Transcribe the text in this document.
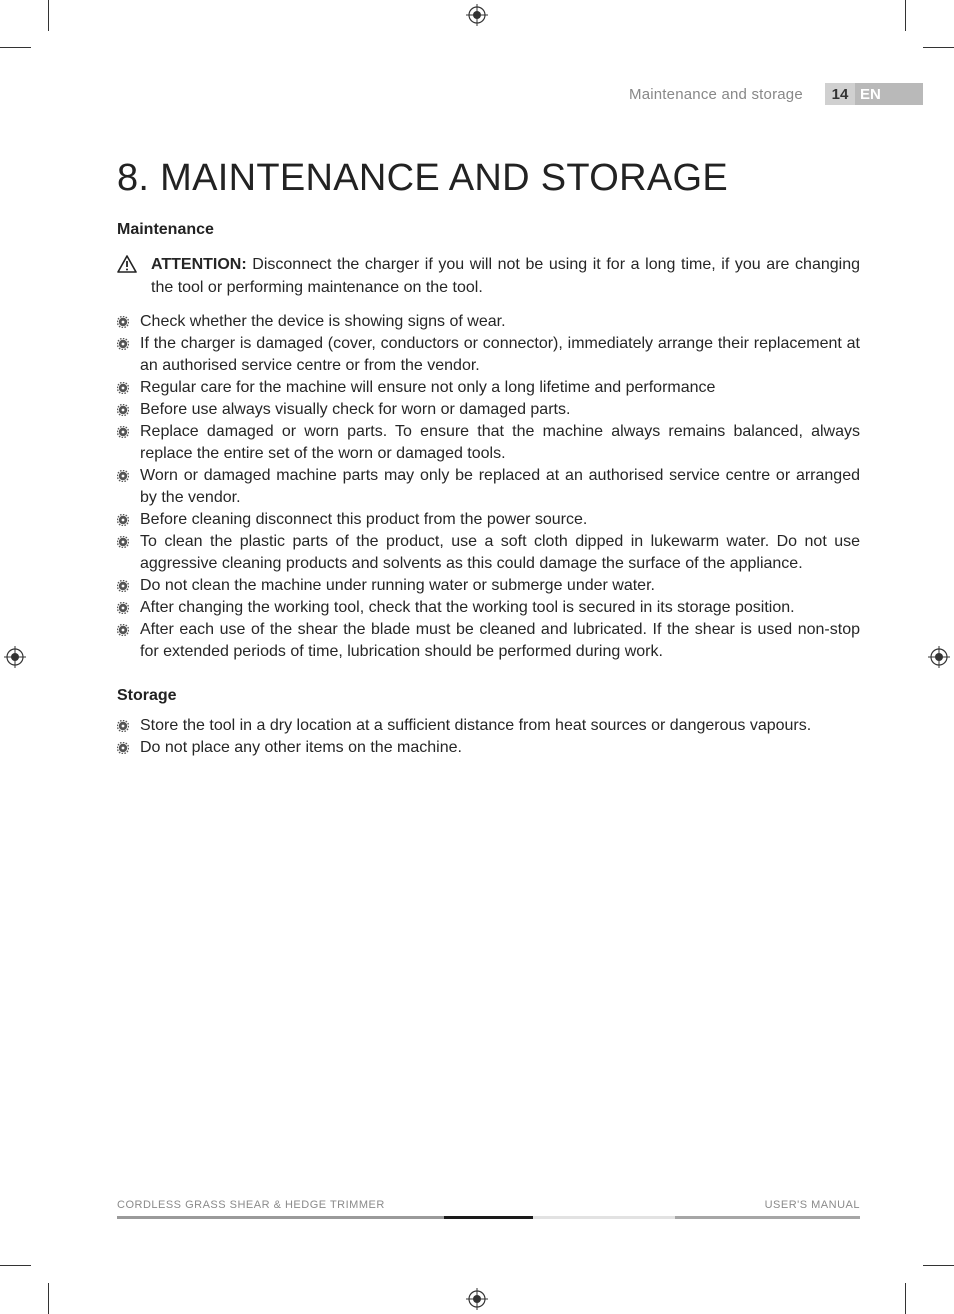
Maintenance and storage	14 EN
8. MAINTENANCE AND STORAGE
Maintenance
ATTENTION: Disconnect the charger if you will not be using it for a long time, if you are changing the tool or performing maintenance on the tool.
Check whether the device is showing signs of wear.
If the charger is damaged (cover, conductors or connector), immediately arrange their replacement at an authorised service centre or from the vendor.
Regular care for the machine will ensure not only a long lifetime and performance
Before use always visually check for worn or damaged parts.
Replace damaged or worn parts. To ensure that the machine always remains balanced, always replace the entire set of the worn or damaged tools.
Worn or damaged machine parts may only be replaced at an authorised service centre or arranged by the vendor.
Before cleaning disconnect this product from the power source.
To clean the plastic parts of the product, use a soft cloth dipped in lukewarm water. Do not use aggressive cleaning products and solvents as this could damage the surface of the appliance.
Do not clean the machine under running water or submerge under water.
After changing the working tool, check that the working tool is secured in its storage position.
After each use of the shear the blade must be cleaned and lubricated. If the shear is used non-stop for extended periods of time, lubrication should be performed during work.
Storage
Store the tool in a dry location at a sufficient distance from heat sources or dangerous vapours.
Do not place any other items on the machine.
CORDLESS GRASS SHEAR & HEDGE TRIMMER	USER'S MANUAL
